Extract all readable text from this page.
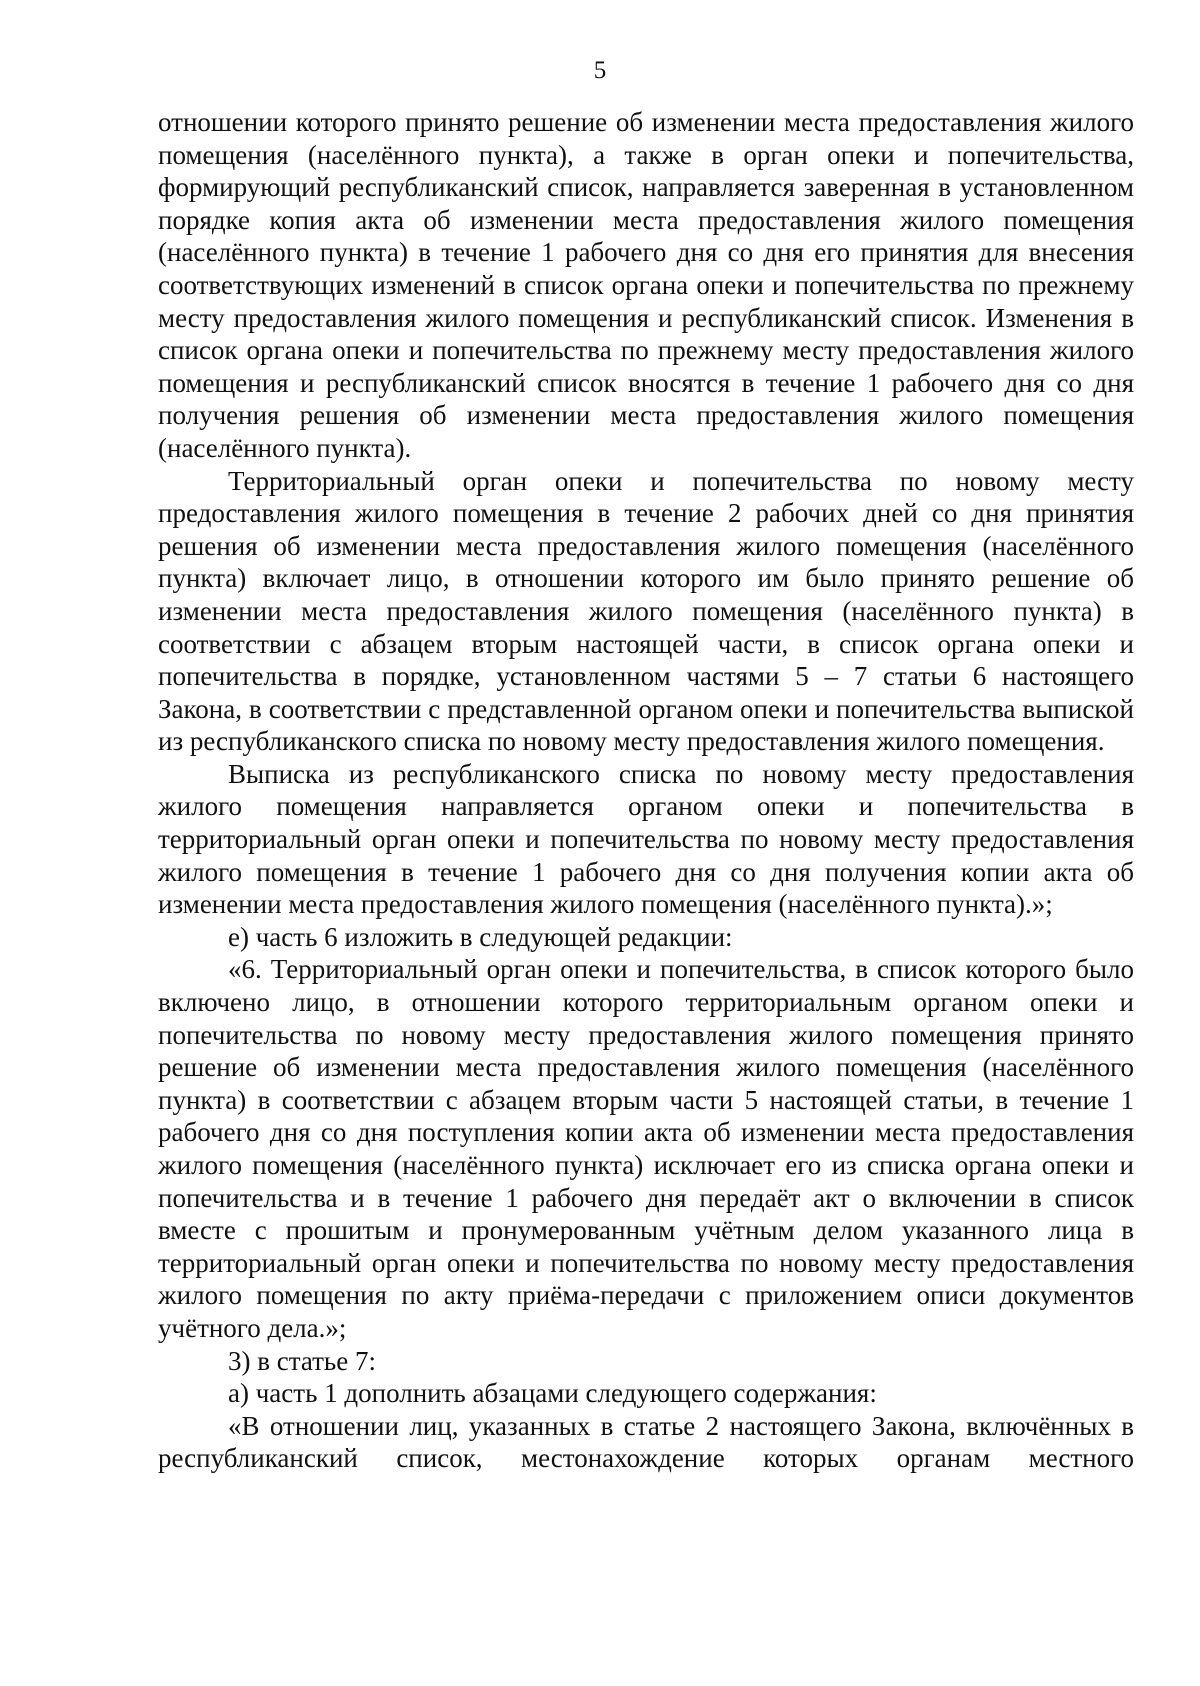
5

отношении которого принято решение об изменении места предоставления жилого помещения (населённого пункта), а также в орган опеки и попечительства, формирующий республиканский список, направляется заверенная в установленном порядке копия акта об изменении места предоставления жилого помещения (населённого пункта) в течение 1 рабочего дня со дня его принятия для внесения соответствующих изменений в список органа опеки и попечительства по прежнему месту предоставления жилого помещения и республиканский список. Изменения в список органа опеки и попечительства по прежнему месту предоставления жилого помещения и республиканский список вносятся в течение 1 рабочего дня со дня получения решения об изменении места предоставления жилого помещения (населённого пункта).

Территориальный орган опеки и попечительства по новому месту предоставления жилого помещения в течение 2 рабочих дней со дня принятия решения об изменении места предоставления жилого помещения (населённого пункта) включает лицо, в отношении которого им было принято решение об изменении места предоставления жилого помещения (населённого пункта) в соответствии с абзацем вторым настоящей части, в список органа опеки и попечительства в порядке, установленном частями 5 – 7 статьи 6 настоящего Закона, в соответствии с представленной органом опеки и попечительства выпиской из республиканского списка по новому месту предоставления жилого помещения.

Выписка из республиканского списка по новому месту предоставления жилого помещения направляется органом опеки и попечительства в территориальный орган опеки и попечительства по новому месту предоставления жилого помещения в течение 1 рабочего дня со дня получения копии акта об изменении места предоставления жилого помещения (населённого пункта).»;

е) часть 6 изложить в следующей редакции:

«6. Территориальный орган опеки и попечительства, в список которого было включено лицо, в отношении которого территориальным органом опеки и попечительства по новому месту предоставления жилого помещения принято решение об изменении места предоставления жилого помещения (населённого пункта) в соответствии с абзацем вторым части 5 настоящей статьи, в течение 1 рабочего дня со дня поступления копии акта об изменении места предоставления жилого помещения (населённого пункта) исключает его из списка органа опеки и попечительства и в течение 1 рабочего дня передаёт акт о включении в список вместе с прошитым и пронумерованным учётным делом указанного лица в территориальный орган опеки и попечительства по новому месту предоставления жилого помещения по акту приёма-передачи с приложением описи документов учётного дела.»;

3) в статье 7:

а) часть 1 дополнить абзацами следующего содержания:

«В отношении лиц, указанных в статье 2 настоящего Закона, включённых в республиканский список, местонахождение которых органам местного
